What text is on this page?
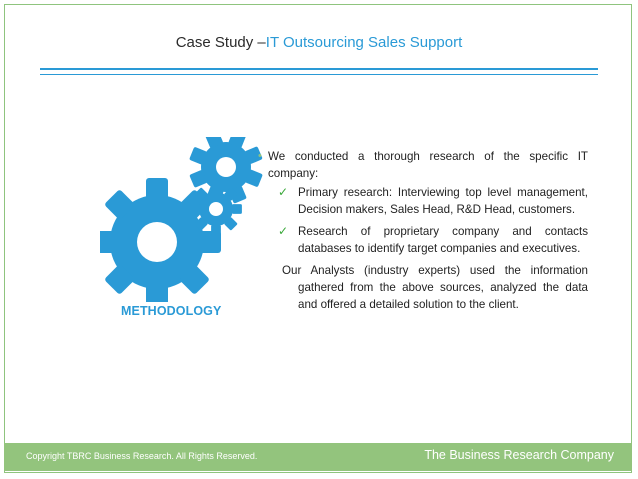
Case Study –IT Outsourcing Sales Support
METHODOLOGY
• We conducted a thorough research of the specific IT company:
✓ Primary research: Interviewing top level management, Decision makers, Sales Head, R&D Head, customers.
✓ Research of proprietary company and contacts databases to identify target companies and executives.
Our Analysts (industry experts) used the information gathered from the above sources, analyzed the data and offered a detailed solution to the client.
Copyright TBRC Business Research. All Rights Reserved.	The Business Research Company
